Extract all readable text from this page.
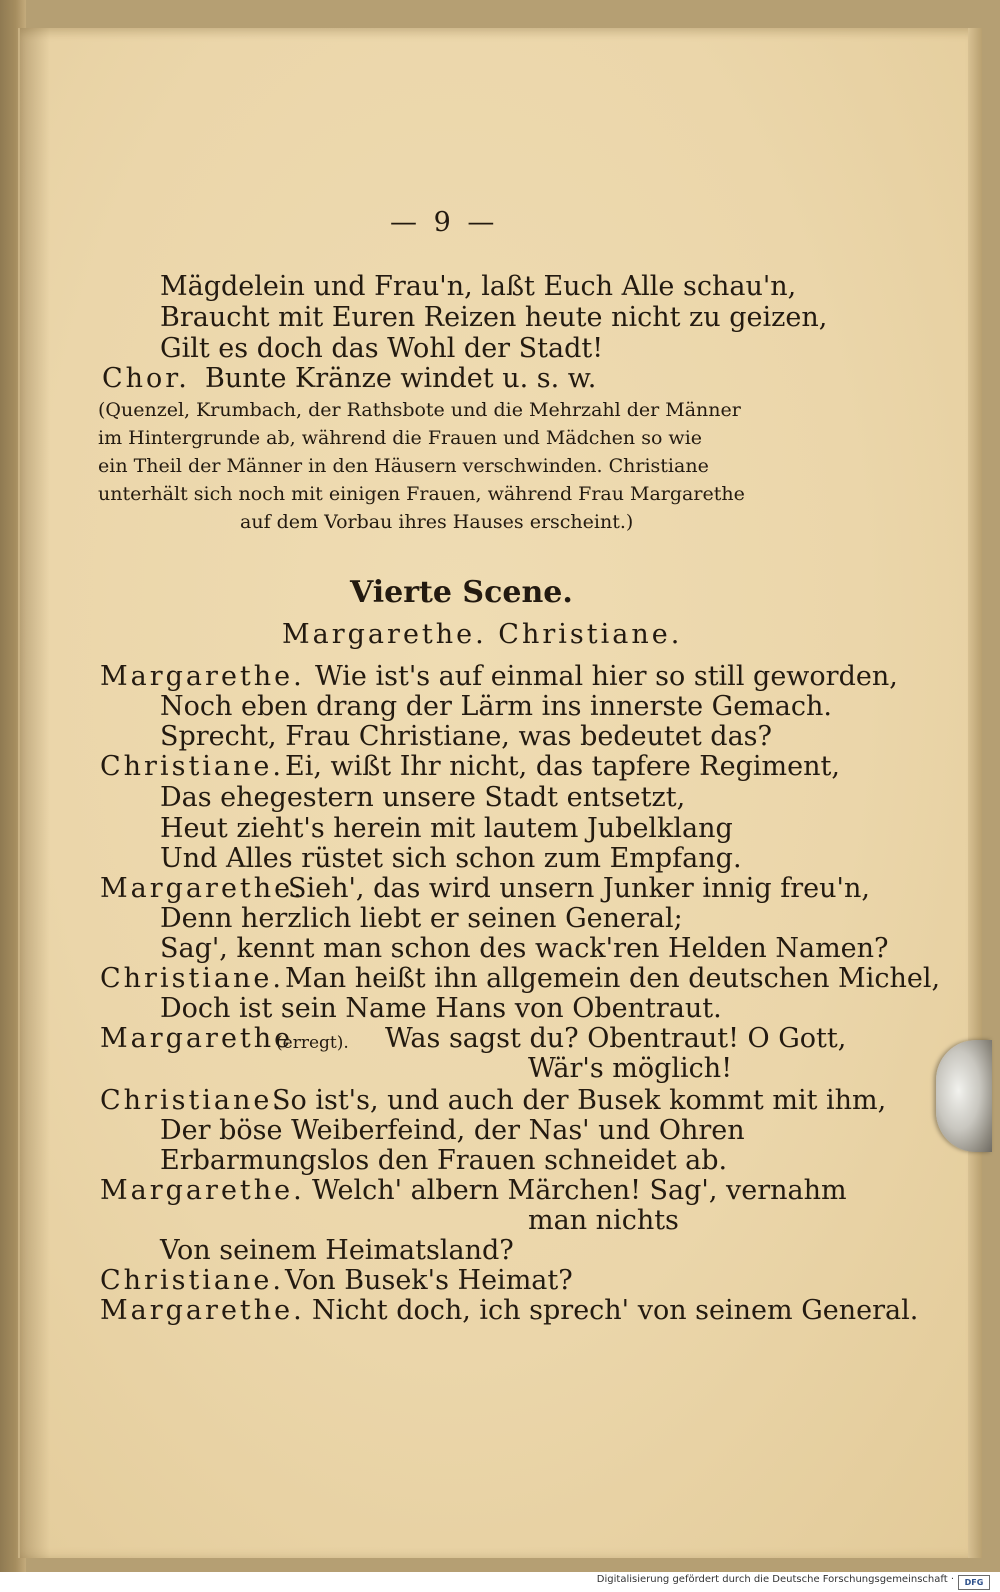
— 9 —
Mägdelein und Frau'n, laßt Euch Alle schau'n,
Braucht mit Euren Reizen heute nicht zu geizen,
Gilt es doch das Wohl der Stadt!
Chor. Bunte Kränze windet u. s. w.
(Quenzel, Krumbach, der Rathsbote und die Mehrzahl der Männer
im Hintergrunde ab, während die Frauen und Mädchen so wie
ein Theil der Männer in den Häusern verschwinden. Christiane
unterhält sich noch mit einigen Frauen, während Frau Margarethe
auf dem Vorbau ihres Hauses erscheint.)
Vierte Scene.
Margarethe. Christiane.
Margarethe. Wie ist's auf einmal hier so still geworden,
Noch eben drang der Lärm ins innerste Gemach.
Sprecht, Frau Christiane, was bedeutet das?
Christiane. Ei, wißt Ihr nicht, das tapfere Regiment,
Das ehegestern unsere Stadt entsetzt,
Heut zieht's herein mit lautem Jubelklang
Und Alles rüstet sich schon zum Empfang.
Margarethe.
Sieh', das wird unsern Junker innig freu'n,
Denn herzlich liebt er seinen General;
Sag', kennt man schon des wack'ren Helden Namen?
Christiane. Man heißt ihn allgemein den deutschen Michel,
Doch ist sein Name Hans von Obentraut.
Margarethe
(erregt). Was sagst du? Obentraut! O Gott,
Wär's möglich!
Christiane.
So ist's, und auch der Busek kommt mit ihm,
Der böse Weiberfeind, der Nas' und Ohren
Erbarmungslos den Frauen schneidet ab.
Margarethe. Welch' albern Märchen! Sag', vernahm
man nichts
Von seinem Heimatsland?
Christiane. Von Busek's Heimat?
Margarethe. Nicht doch, ich sprech' von seinem General.
Digitalisierung gefördert durch die Deutsche Forschungsgemeinschaft ·	DFG
